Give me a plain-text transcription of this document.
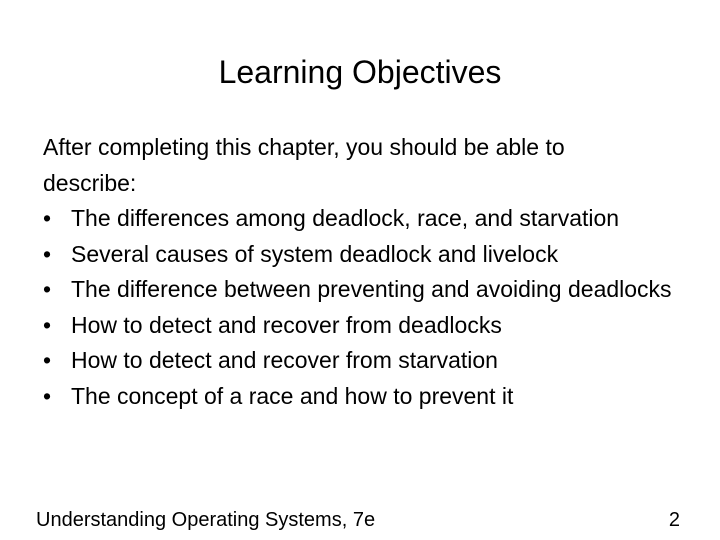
Learning Objectives

After completing this chapter, you should be able to describe:

• The differences among deadlock, race, and starvation
• Several causes of system deadlock and livelock
• The difference between preventing and avoiding deadlocks
• How to detect and recover from deadlocks
• How to detect and recover from starvation
• The concept of a race and how to prevent it
Understanding Operating Systems, 7e	2
